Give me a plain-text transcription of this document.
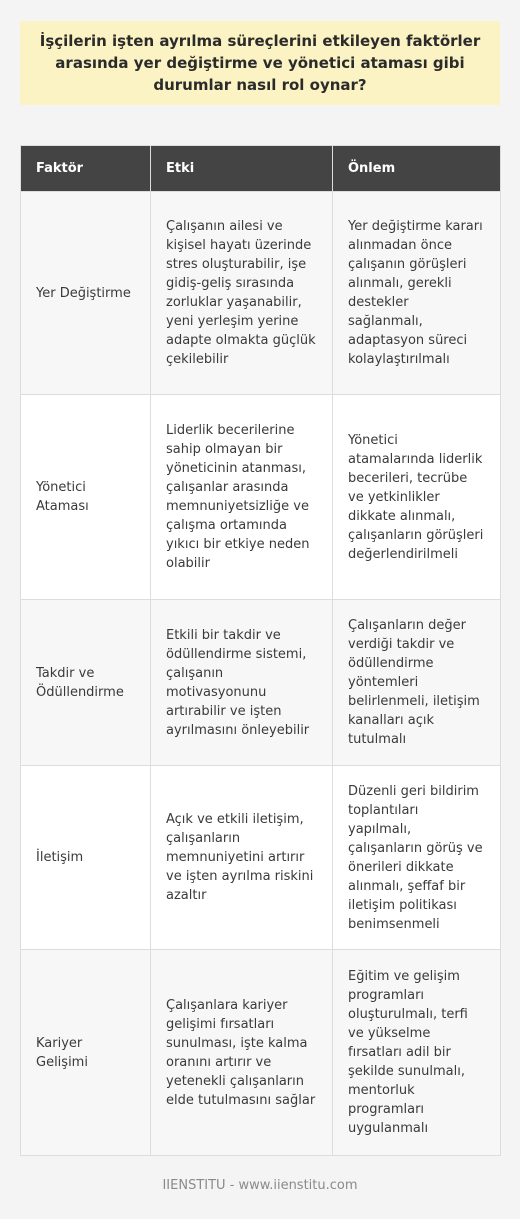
İşçilerin işten ayrılma süreçlerini etkileyen faktörler arasında yer değiştirme ve yönetici ataması gibi durumlar nasıl rol oynar?
Faktör	Etki	Önlem
Yer Değiştirme	Çalışanın ailesi ve kişisel hayatı üzerinde stres oluşturabilir, işe gidiş-geliş sırasında zorluklar yaşanabilir, yeni yerleşim yerine adapte olmakta güçlük çekilebilir	Yer değiştirme kararı alınmadan önce çalışanın görüşleri alınmalı, gerekli destekler sağlanmalı, adaptasyon süreci kolaylaştırılmalı
Yönetici Ataması	Liderlik becerilerine sahip olmayan bir yöneticinin atanması, çalışanlar arasında memnuniyetsizliğe ve çalışma ortamında yıkıcı bir etkiye neden olabilir	Yönetici atamalarında liderlik becerileri, tecrübe ve yetkinlikler dikkate alınmalı, çalışanların görüşleri değerlendirilmeli
Takdir ve Ödüllendirme	Etkili bir takdir ve ödüllendirme sistemi, çalışanın motivasyonunu artırabilir ve işten ayrılmasını önleyebilir	Çalışanların değer verdiği takdir ve ödüllendirme yöntemleri belirlenmeli, iletişim kanalları açık tutulmalı
İletişim	Açık ve etkili iletişim, çalışanların memnuniyetini artırır ve işten ayrılma riskini azaltır	Düzenli geri bildirim toplantıları yapılmalı, çalışanların görüş ve önerileri dikkate alınmalı, şeffaf bir iletişim politikası benimsenmeli
Kariyer Gelişimi	Çalışanlara kariyer gelişimi fırsatları sunulması, işte kalma oranını artırır ve yetenekli çalışanların elde tutulmasını sağlar	Eğitim ve gelişim programları oluşturulmalı, terfi ve yükselme fırsatları adil bir şekilde sunulmalı, mentorluk programları uygulanmalı
IIENSTITU - www.iienstitu.com
